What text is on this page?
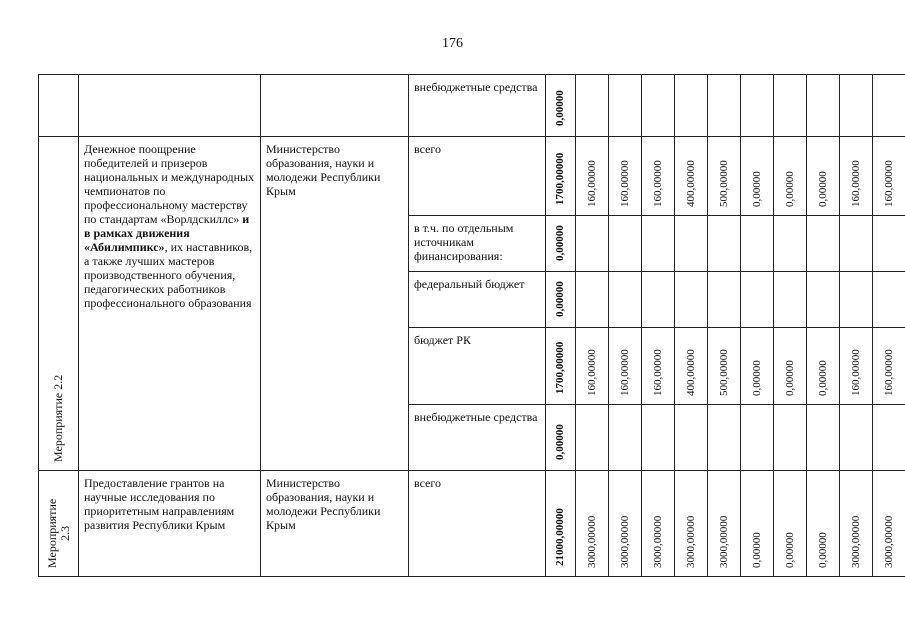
176

			внебюджетные средства	0,00000										

Мероприятие 2.2	Денежное поощрение победителей и призеров национальных и международных чемпионатов по профессиональному мастерству по стандартам «Ворлдскиллс» и в рамках движения «Абилимпикс», их наставников, а также лучших мастеров производственного обучения, педагогических работников профессионального образования	Министерство образования, науки и молодежи Республики Крым	всего	1700,00000	160,00000	160,00000	160,00000	400,00000	500,00000	0,00000	0,00000	0,00000	160,00000	160,00000

			в т.ч. по отдельным источникам финансирования:	0,00000										

			федеральный бюджет	0,00000										

			бюджет РК	1700,00000	160,00000	160,00000	160,00000	400,00000	500,00000	0,00000	0,00000	0,00000	160,00000	160,00000

			внебюджетные средства	0,00000										

Мероприятие 2.3	Предоставление грантов на научные исследования по приоритетным направлениям развития Республики Крым	Министерство образования, науки и молодежи Республики Крым	всего	21000,00000	3000,00000	3000,00000	3000,00000	3000,00000	3000,00000	0,00000	0,00000	0,00000	3000,00000	3000,00000
